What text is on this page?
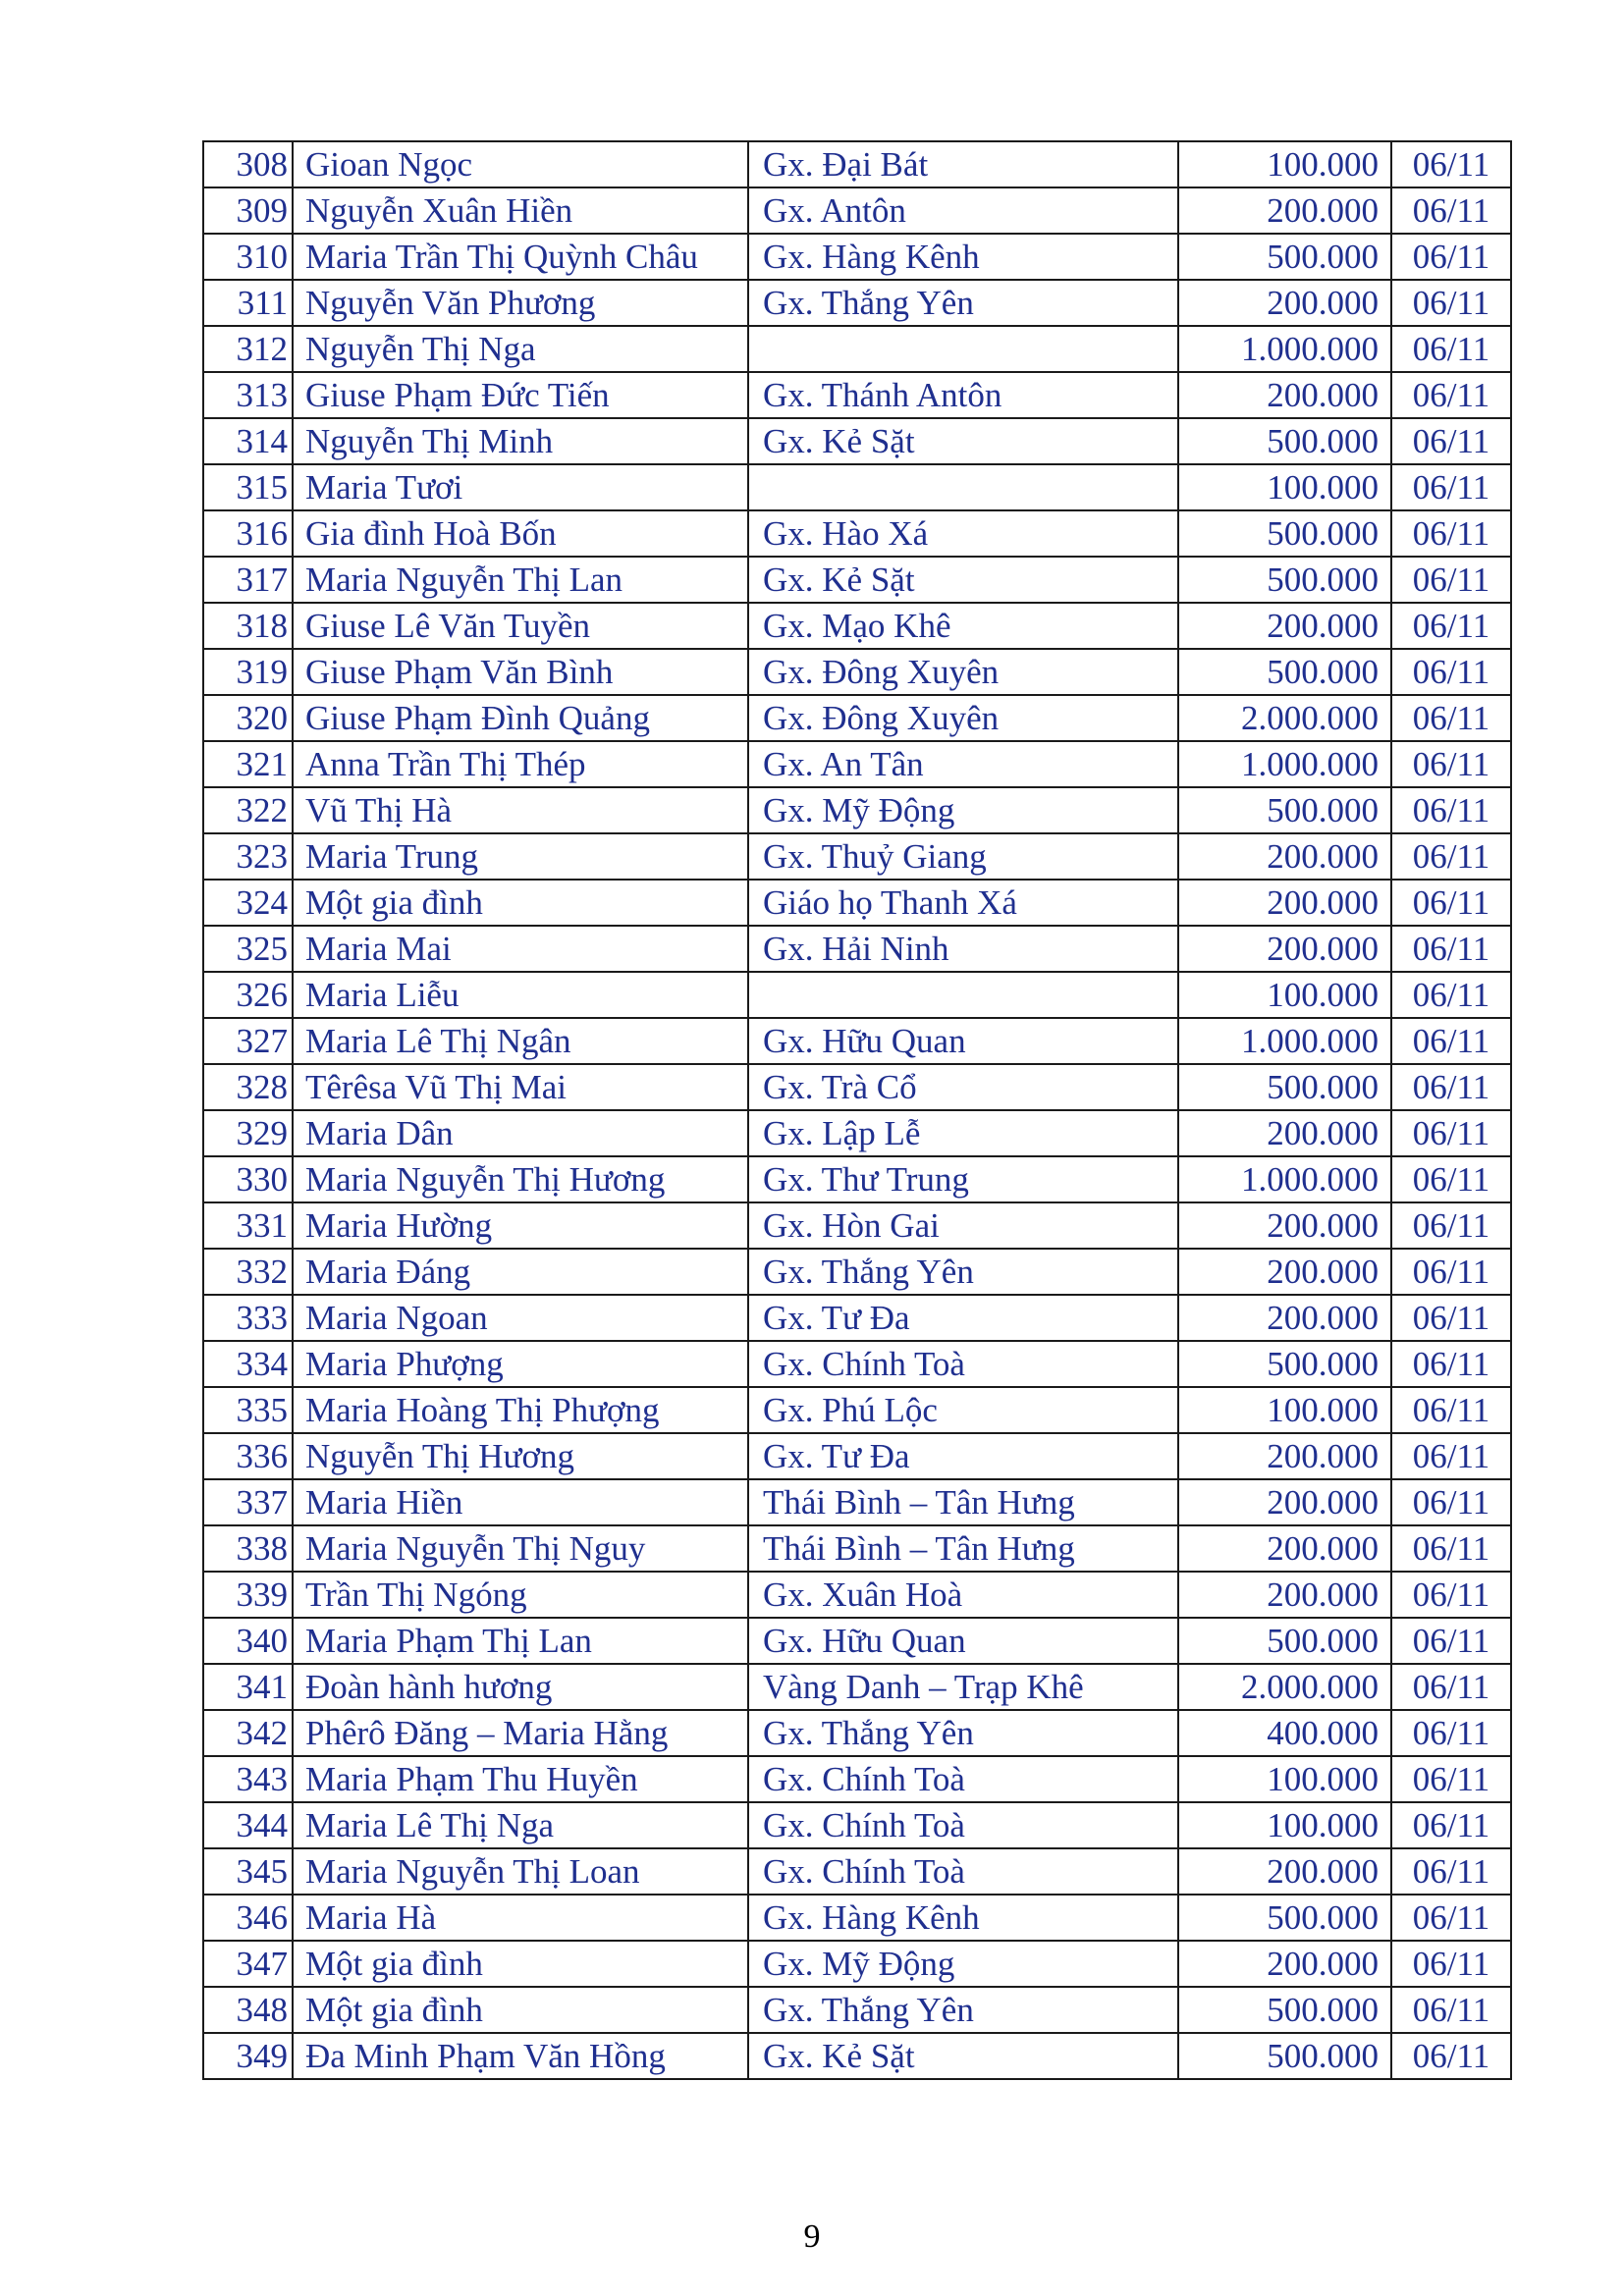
308	Gioan Ngọc	Gx. Đại Bát	100.000	06/11
309	Nguyễn Xuân Hiền	Gx. Antôn	200.000	06/11
310	Maria Trần Thị Quỳnh Châu	Gx. Hàng Kênh	500.000	06/11
311	Nguyễn Văn Phương	Gx. Thắng Yên	200.000	06/11
312	Nguyễn Thị Nga		1.000.000	06/11
313	Giuse Phạm Đức Tiến	Gx. Thánh Antôn	200.000	06/11
314	Nguyễn Thị Minh	Gx. Kẻ Sặt	500.000	06/11
315	Maria Tươi		100.000	06/11
316	Gia đình Hoà Bốn	Gx. Hào Xá	500.000	06/11
317	Maria Nguyễn Thị Lan	Gx. Kẻ Sặt	500.000	06/11
318	Giuse Lê Văn Tuyền	Gx. Mạo Khê	200.000	06/11
319	Giuse Phạm Văn Bình	Gx. Đông Xuyên	500.000	06/11
320	Giuse Phạm Đình Quảng	Gx. Đông Xuyên	2.000.000	06/11
321	Anna Trần Thị Thép	Gx. An Tân	1.000.000	06/11
322	Vũ Thị Hà	Gx. Mỹ Động	500.000	06/11
323	Maria Trung	Gx. Thuỷ Giang	200.000	06/11
324	Một gia đình	Giáo họ Thanh Xá	200.000	06/11
325	Maria Mai	Gx. Hải Ninh	200.000	06/11
326	Maria Liễu		100.000	06/11
327	Maria Lê Thị Ngân	Gx. Hữu Quan	1.000.000	06/11
328	Têrêsa Vũ Thị Mai	Gx. Trà Cổ	500.000	06/11
329	Maria Dân	Gx. Lập Lễ	200.000	06/11
330	Maria Nguyễn Thị Hương	Gx. Thư Trung	1.000.000	06/11
331	Maria Hường	Gx. Hòn Gai	200.000	06/11
332	Maria Đáng	Gx. Thắng Yên	200.000	06/11
333	Maria Ngoan	Gx. Tư Đa	200.000	06/11
334	Maria Phượng	Gx. Chính Toà	500.000	06/11
335	Maria Hoàng Thị Phượng	Gx. Phú Lộc	100.000	06/11
336	Nguyễn Thị Hương	Gx. Tư Đa	200.000	06/11
337	Maria Hiền	Thái Bình – Tân Hưng	200.000	06/11
338	Maria Nguyễn Thị Nguy	Thái Bình – Tân Hưng	200.000	06/11
339	Trần Thị Ngóng	Gx. Xuân Hoà	200.000	06/11
340	Maria Phạm Thị Lan	Gx. Hữu Quan	500.000	06/11
341	Đoàn hành hương	Vàng Danh – Trạp Khê	2.000.000	06/11
342	Phêrô Đăng – Maria Hằng	Gx. Thắng Yên	400.000	06/11
343	Maria Phạm Thu Huyền	Gx. Chính Toà	100.000	06/11
344	Maria Lê Thị Nga	Gx. Chính Toà	100.000	06/11
345	Maria Nguyễn Thị Loan	Gx. Chính Toà	200.000	06/11
346	Maria Hà	Gx. Hàng Kênh	500.000	06/11
347	Một gia đình	Gx. Mỹ Động	200.000	06/11
348	Một gia đình	Gx. Thắng Yên	500.000	06/11
349	Đa Minh Phạm Văn Hồng	Gx. Kẻ Sặt	500.000	06/11
9
